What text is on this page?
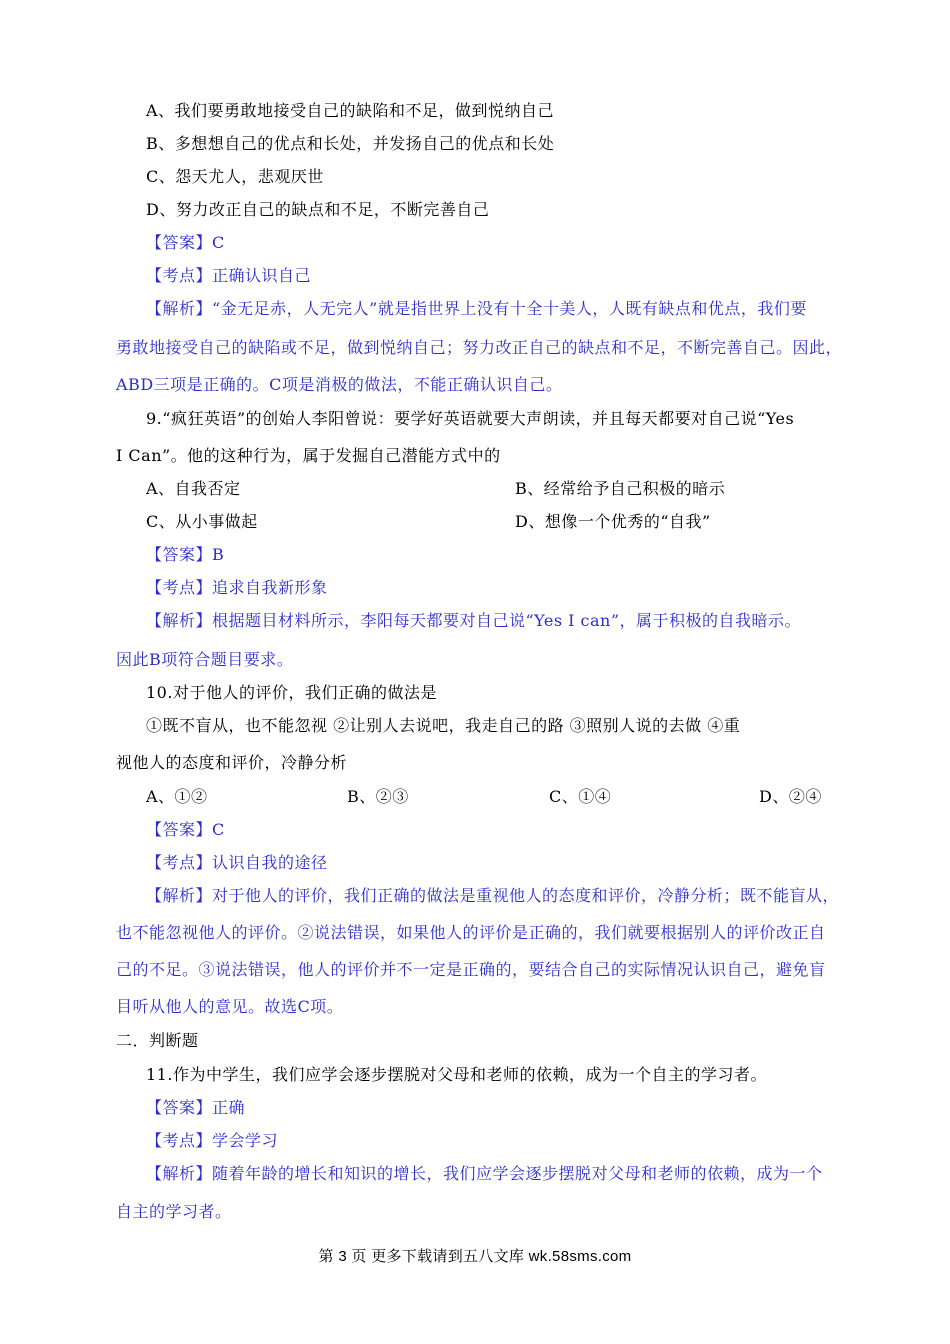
A、我们要勇敢地接受自己的缺陷和不足，做到悦纳自己
B、多想想自己的优点和长处，并发扬自己的优点和长处
C、怨天尤人，悲观厌世
D、努力改正自己的缺点和不足，不断完善自己
【答案】C
【考点】正确认识自己
【解析】“金无足赤，人无完人”就是指世界上没有十全十美人，人既有缺点和优点，我们要
勇敢地接受自己的缺陷或不足，做到悦纳自己；努力改正自己的缺点和不足，不断完善自己。因此，
ABD三项是正确的。C项是消极的做法，不能正确认识自己。
9.“疯狂英语”的创始人李阳曾说：要学好英语就要大声朗读，并且每天都要对自己说“Yes
I Can”。他的这种行为，属于发掘自己潜能方式中的
A、自我否定	B、经常给予自己积极的暗示
C、从小事做起	D、想像一个优秀的“自我”
【答案】B
【考点】追求自我新形象
【解析】根据题目材料所示，李阳每天都要对自己说“Yes I can”，属于积极的自我暗示。
因此B项符合题目要求。
10.对于他人的评价，我们正确的做法是
①既不盲从，也不能忽视 ②让别人去说吧，我走自己的路 ③照别人说的去做 ④重
视他人的态度和评价，冷静分析
A、①②	B、②③	C、①④	D、②④
【答案】C
【考点】认识自我的途径
【解析】对于他人的评价，我们正确的做法是重视他人的态度和评价，冷静分析；既不能盲从，
也不能忽视他人的评价。②说法错误，如果他人的评价是正确的，我们就要根据别人的评价改正自
己的不足。③说法错误，他人的评价并不一定是正确的，要结合自己的实际情况认识自己，避免盲
目听从他人的意见。故选C项。
二．判断题
11.作为中学生，我们应学会逐步摆脱对父母和老师的依赖，成为一个自主的学习者。
【答案】正确
【考点】学会学习
【解析】随着年龄的增长和知识的增长，我们应学会逐步摆脱对父母和老师的依赖，成为一个
自主的学习者。
第 3 页 更多下载请到五八文库 wk.58sms.com
